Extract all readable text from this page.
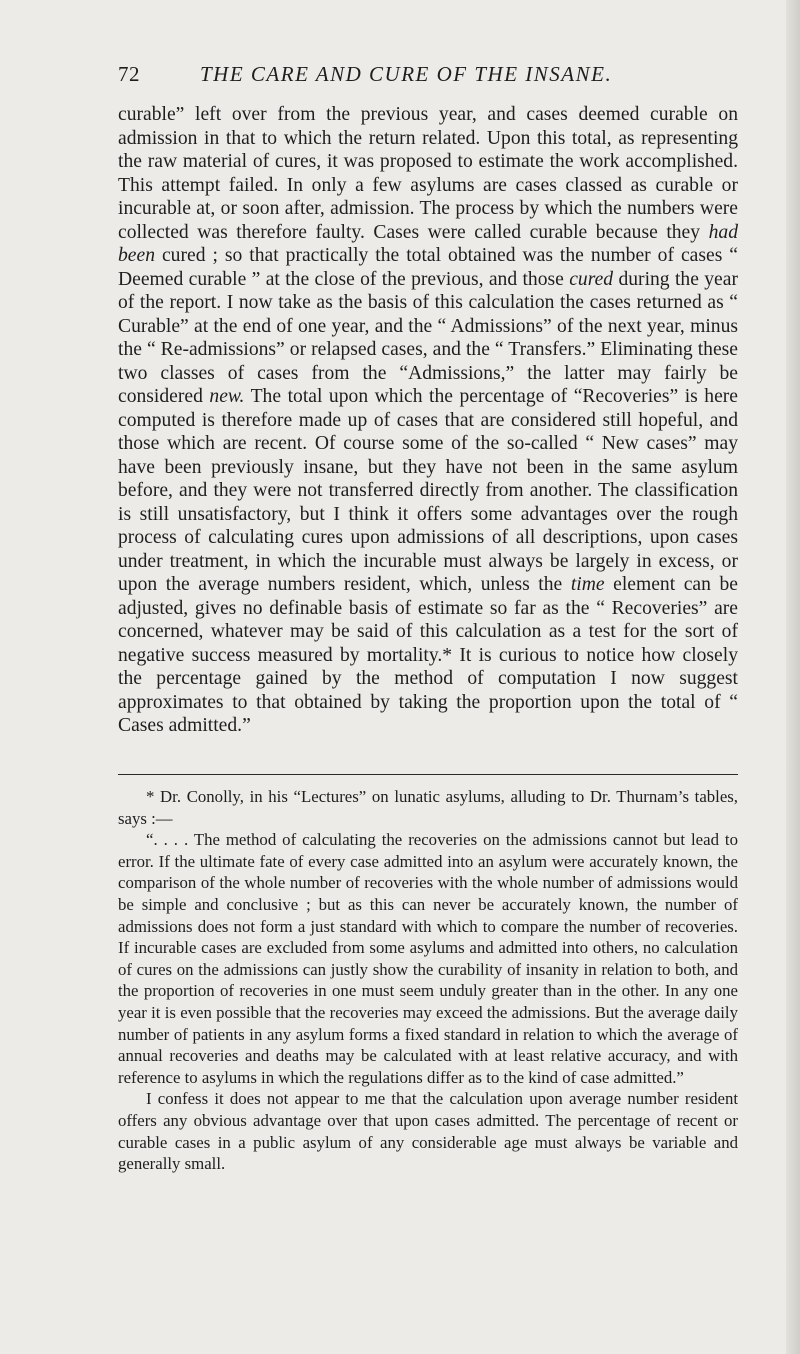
72	THE CARE AND CURE OF THE INSANE.

curable” left over from the previous year, and cases deemed curable on admission in that to which the return related. Upon this total, as representing the raw material of cures, it was proposed to estimate the work accomplished. This attempt failed. In only a few asylums are cases classed as curable or incurable at, or soon after, admission. The process by which the numbers were collected was therefore faulty. Cases were called curable because they had been cured ; so that practically the total obtained was the number of cases “ Deemed curable ” at the close of the previous, and those cured during the year of the report. I now take as the basis of this calculation the cases returned as “ Curable” at the end of one year, and the “ Admissions” of the next year, minus the “ Re-admissions” or relapsed cases, and the “ Transfers.” Eliminating these two classes of cases from the “Admissions,” the latter may fairly be considered new. The total upon which the percentage of “Recoveries” is here computed is therefore made up of cases that are considered still hopeful, and those which are recent. Of course some of the so-called “ New cases” may have been previously insane, but they have not been in the same asylum before, and they were not transferred directly from another. The classification is still unsatisfactory, but I think it offers some advantages over the rough process of calculating cures upon admissions of all descriptions, upon cases under treatment, in which the incurable must always be largely in excess, or upon the average numbers resident, which, unless the time element can be adjusted, gives no definable basis of estimate so far as the “ Recoveries” are concerned, whatever may be said of this calculation as a test for the sort of negative success measured by mortality.* It is curious to notice how closely the percentage gained by the method of computation I now suggest approximates to that obtained by taking the proportion upon the total of “ Cases admitted.”

* Dr. Conolly, in his “Lectures” on lunatic asylums, alluding to Dr. Thurnam’s tables, says :—

“. . . . The method of calculating the recoveries on the admissions cannot but lead to error. If the ultimate fate of every case admitted into an asylum were accurately known, the comparison of the whole number of recoveries with the whole number of admissions would be simple and conclusive ; but as this can never be accurately known, the number of admissions does not form a just standard with which to compare the number of recoveries. If incurable cases are excluded from some asylums and admitted into others, no calculation of cures on the admissions can justly show the curability of insanity in relation to both, and the proportion of recoveries in one must seem unduly greater than in the other. In any one year it is even possible that the recoveries may exceed the admissions. But the average daily number of patients in any asylum forms a fixed standard in relation to which the average of annual recoveries and deaths may be calculated with at least relative accuracy, and with reference to asylums in which the regulations differ as to the kind of case admitted.”

I confess it does not appear to me that the calculation upon average number resident offers any obvious advantage over that upon cases admitted. The percentage of recent or curable cases in a public asylum of any considerable age must always be variable and generally small.
